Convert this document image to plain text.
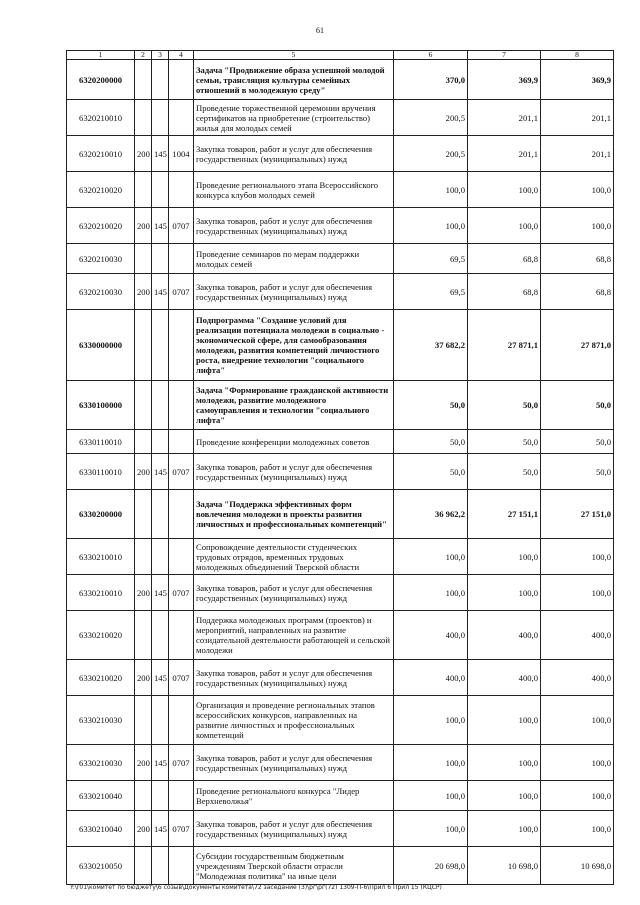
61
1	2	3	4	5	6	7	8
6320200000				Задача "Продвижение образа успешной молодой семьи, трансляция культуры семейных отношений в молодежную среду"	370,0	369,9	369,9
6320210010				Проведение торжественной церемонии вручения сертификатов на приобретение (строительство) жилья для молодых семей	200,5	201,1	201,1
6320210010	200	145	1004	Закупка товаров, работ и услуг для обеспечения государственных (муниципальных) нужд	200,5	201,1	201,1
6320210020				Проведение регионального этапа Всероссийского конкурса клубов молодых семей	100,0	100,0	100,0
6320210020	200	145	0707	Закупка товаров, работ и услуг для обеспечения государственных (муниципальных) нужд	100,0	100,0	100,0
6320210030				Проведение семинаров по мерам поддержки молодых семей	69,5	68,8	68,8
6320210030	200	145	0707	Закупка товаров, работ и услуг для обеспечения государственных (муниципальных) нужд	69,5	68,8	68,8
6330000000				Подпрограмма "Создание условий для реализации потенциала молодежи в социально - экономической сфере, для самообразования молодежи, развития компетенций личностного роста, внедрение технологии "социального лифта"	37 682,2	27 871,1	27 871,0
6330100000				Задача "Формирование гражданской активности молодежи, развитие молодежного самоуправления и технологии "социального лифта"	50,0	50,0	50,0
6330110010				Проведение конференции молодежных советов	50,0	50,0	50,0
6330110010	200	145	0707	Закупка товаров, работ и услуг для обеспечения государственных (муниципальных) нужд	50,0	50,0	50,0
6330200000				Задача "Поддержка эффективных форм вовлечения молодежи в проекты развития личностных и профессиональных компетенций"	36 962,2	27 151,1	27 151,0
6330210010				Сопровождение деятельности студенческих трудовых отрядов, временных трудовых молодежных объединений Тверской области	100,0	100,0	100,0
6330210010	200	145	0707	Закупка товаров, работ и услуг для обеспечения государственных (муниципальных) нужд	100,0	100,0	100,0
6330210020				Поддержка молодежных программ (проектов) и мероприятий, направленных на развитие созидательной деятельности работающей и сельской молодежи	400,0	400,0	400,0
6330210020	200	145	0707	Закупка товаров, работ и услуг для обеспечения государственных (муниципальных) нужд	400,0	400,0	400,0
6330210030				Организация и проведение региональных этапов всероссийских конкурсов, направленных на развитие личностных и профессиональных компетенций	100,0	100,0	100,0
6330210030	200	145	0707	Закупка товаров, работ и услуг для обеспечения государственных (муниципальных) нужд	100,0	100,0	100,0
6330210040				Проведение регионального конкурса "Лидер Верхневолжья"	100,0	100,0	100,0
6330210040	200	145	0707	Закупка товаров, работ и услуг для обеспечения государственных (муниципальных) нужд	100,0	100,0	100,0
6330210050				Субсидии государственным бюджетным учреждениям Тверской области отрасли "Молодежная политика" на иные цели	20 698,0	10 698,0	10 698,0
Y:\r01\комитет по бюджету\6 созыв\Документы комитета\72 заседание (3)\рг\рг(72) 1309-П-6\Прил 6 Прил 15 (КЦСР)
